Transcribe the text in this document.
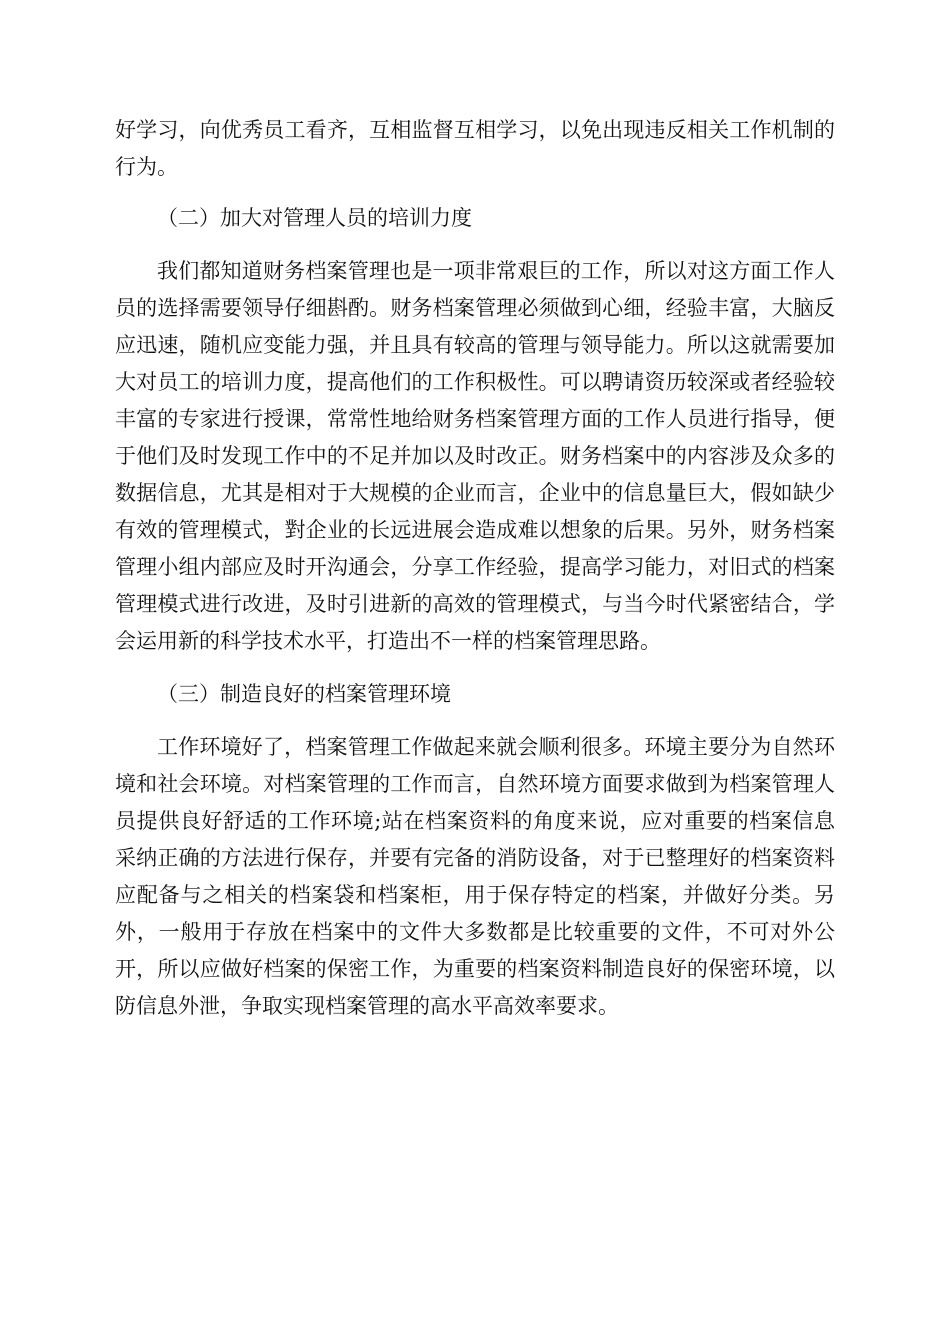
好学习，向优秀员工看齐，互相监督互相学习，以免出现违反相关工作机制的行为。

（二）加大对管理人员的培训力度

我们都知道财务档案管理也是一项非常艰巨的工作，所以对这方面工作人员的选择需要领导仔细斟酌。财务档案管理必须做到心细，经验丰富，大脑反应迅速，随机应变能力强，并且具有较高的管理与领导能力。所以这就需要加大对员工的培训力度，提高他们的工作积极性。可以聘请资历较深或者经验较丰富的专家进行授课，常常性地给财务档案管理方面的工作人员进行指导，便于他们及时发现工作中的不足并加以及时改正。财务档案中的内容涉及众多的数据信息，尤其是相对于大规模的企业而言，企业中的信息量巨大，假如缺少有效的管理模式，對企业的长远进展会造成难以想象的后果。另外，财务档案管理小组内部应及时开沟通会，分享工作经验，提高学习能力，对旧式的档案管理模式进行改进，及时引进新的高效的管理模式，与当今时代紧密结合，学会运用新的科学技术水平，打造出不一样的档案管理思路。

（三）制造良好的档案管理环境

工作环境好了，档案管理工作做起来就会顺利很多。环境主要分为自然环境和社会环境。对档案管理的工作而言，自然环境方面要求做到为档案管理人员提供良好舒适的工作环境;站在档案资料的角度来说，应对重要的档案信息采纳正确的方法进行保存，并要有完备的消防设备，对于已整理好的档案资料应配备与之相关的档案袋和档案柜，用于保存特定的档案，并做好分类。另外，一般用于存放在档案中的文件大多数都是比较重要的文件，不可对外公开，所以应做好档案的保密工作，为重要的档案资料制造良好的保密环境，以防信息外泄，争取实现档案管理的高水平高效率要求。
